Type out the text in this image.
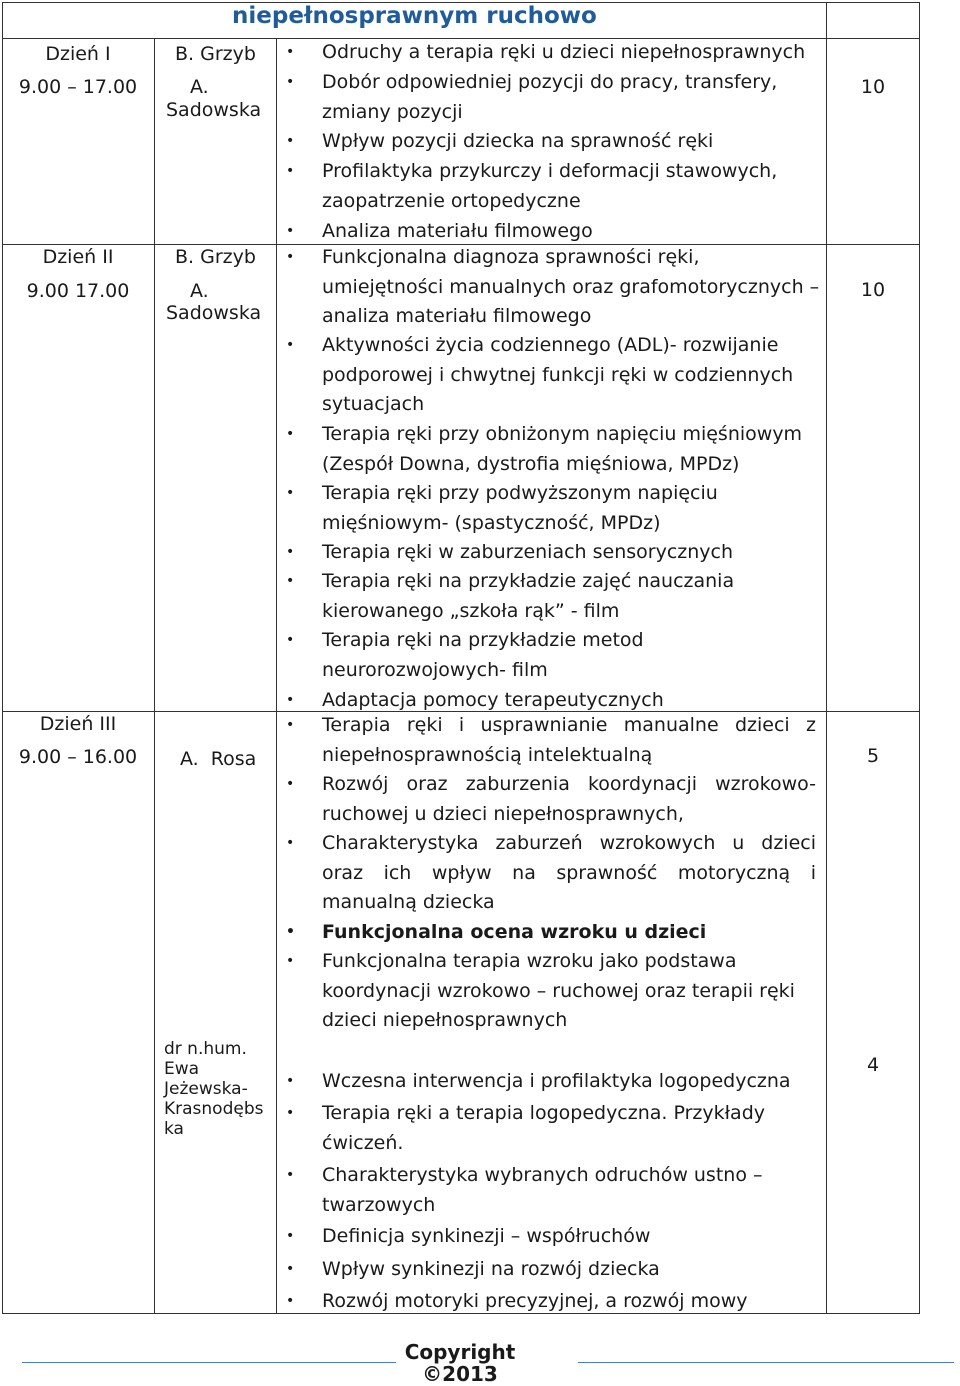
niepełnosprawnym ruchowo
Dzień I
9.00 – 17.00
B. Grzyb
A.
Sadowska
10
• Odruchy a terapia ręki u dzieci niepełnosprawnych
• Dobór odpowiedniej pozycji do pracy, transfery, zmiany pozycji
• Wpływ pozycji dziecka na sprawność ręki
• Profilaktyka przykurczy i deformacji stawowych, zaopatrzenie ortopedyczne
• Analiza materiału filmowego
Dzień II
9.00 17.00
B. Grzyb
A.
Sadowska
10
• Funkcjonalna diagnoza sprawności ręki, umiejętności manualnych oraz grafomotorycznych – analiza materiału filmowego
• Aktywności życia codziennego (ADL)- rozwijanie podporowej i chwytnej funkcji ręki w codziennych sytuacjach
• Terapia ręki przy obniżonym napięciu mięśniowym (Zespół Downa, dystrofia mięśniowa, MPDz)
• Terapia ręki przy podwyższonym napięciu mięśniowym- (spastyczność, MPDz)
• Terapia ręki w zaburzeniach sensorycznych
• Terapia ręki na przykładzie zajęć nauczania kierowanego „szkoła rąk” - film
• Terapia ręki na przykładzie metod neurorozwojowych- film
• Adaptacja pomocy terapeutycznych
Dzień III
9.00 – 16.00	A.  Rosa
dr n.hum. Ewa Jeżewska-Krasnodębs ka
5
4
• Terapia ręki i usprawnianie manualne dzieci z niepełnosprawnością intelektualną
• Rozwój oraz zaburzenia koordynacji wzrokowo-ruchowej u dzieci niepełnosprawnych,
• Charakterystyka zaburzeń wzrokowych u dzieci oraz ich wpływ na sprawność motoryczną i manualną dziecka
• Funkcjonalna ocena wzroku u dzieci
• Funkcjonalna terapia wzroku jako podstawa koordynacji wzrokowo – ruchowej oraz terapii ręki dzieci niepełnosprawnych
• Wczesna interwencja i profilaktyka logopedyczna
• Terapia ręki a terapia logopedyczna. Przykłady ćwiczeń.
• Charakterystyka wybranych odruchów ustno – twarzowych
• Definicja synkinezji – współruchów
• Wpływ synkinezji na rozwój dziecka
• Rozwój motoryki precyzyjnej, a rozwój mowy
Copyright
©2013
